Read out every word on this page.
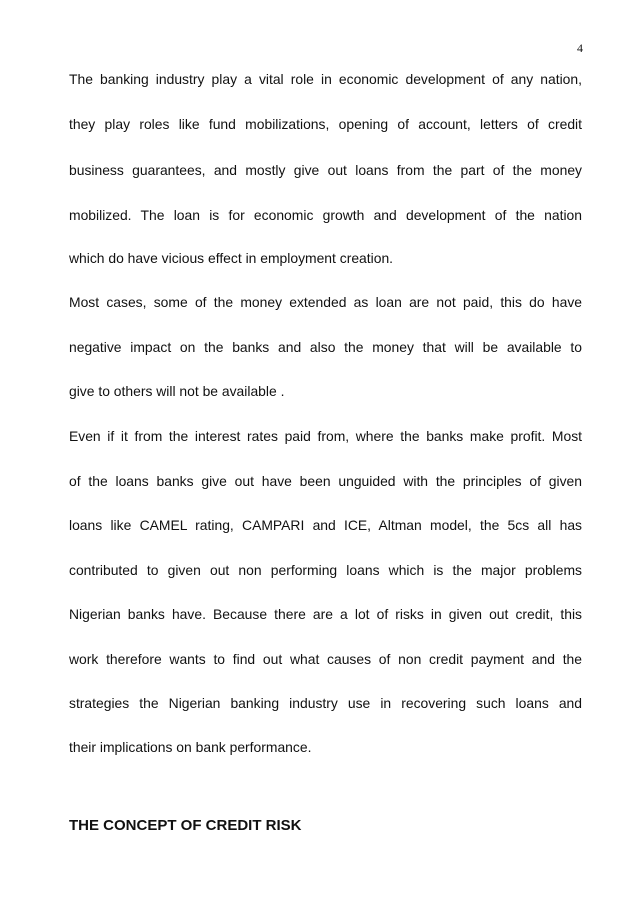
4
The banking industry play a vital role in economic development of any nation,
they play roles like fund mobilizations, opening of account, letters of credit
business guarantees, and mostly give out loans from the part of the money
mobilized. The loan is for economic growth and development of the nation
which do have vicious effect in employment creation.
Most cases, some of the money extended as loan are not paid, this do have
negative impact on the banks and also the money that will be available to
give to others will not be available .
Even if it from the interest rates paid from, where the banks make profit. Most
of the loans banks give out have been unguided with the principles of given
loans like CAMEL rating, CAMPARI and ICE, Altman model, the 5cs all has
contributed to given out non performing loans which is the major problems
Nigerian banks have. Because there are a lot of risks in given out credit, this
work therefore wants to find out what causes of non credit payment and the
strategies the Nigerian banking industry use in recovering such loans and
their implications on bank performance.
THE CONCEPT OF CREDIT RISK
